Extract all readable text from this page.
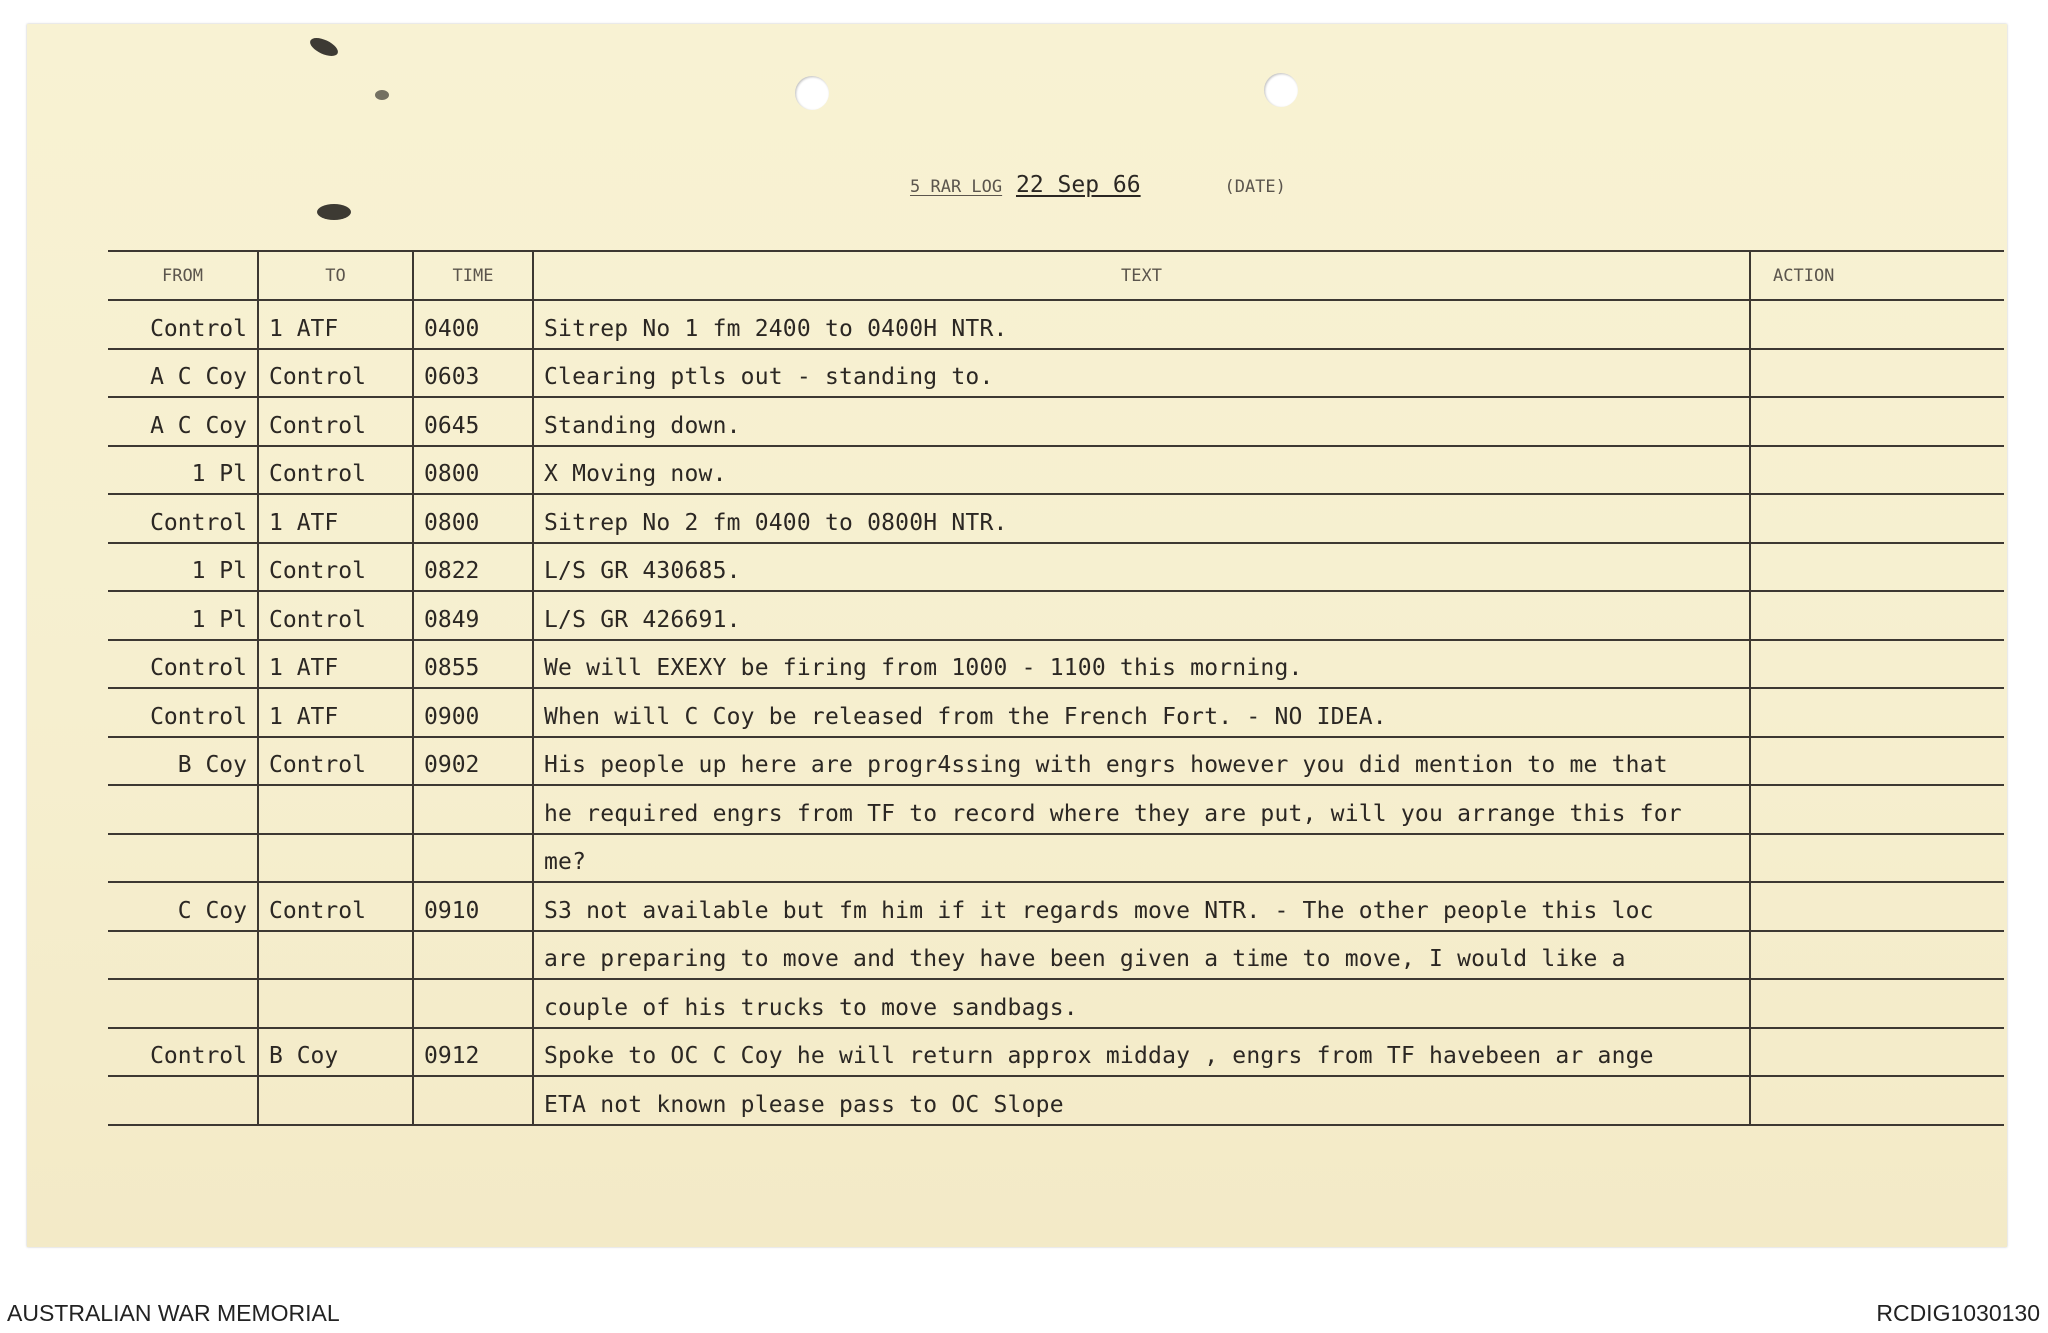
5 RAR LOG 22 Sep 66	(DATE)
FROM	TO	TIME	TEXT	ACTION
Control	1 ATF	0400	Sitrep No 1 fm 2400 to 0400H NTR.	
A C Coy	Control	0603	Clearing ptls out - standing to.	
A C Coy	Control	0645	Standing down.	
1 Pl	Control	0800	X Moving now.	
Control	1 ATF	0800	Sitrep No 2 fm 0400 to 0800H NTR.	
1 Pl	Control	0822	L/S GR 430685.	
1 Pl	Control	0849	L/S GR 426691.	
Control	1 ATF	0855	We will EXEXY be firing from 1000 - 1100 this morning.	
Control	1 ATF	0900	When will C Coy be released from the French Fort. - NO IDEA.	
B Coy	Control	0902	His people up here are progr4ssing with engrs however you did mention to me that	
			he required engrs from TF to record where they are put, will you arrange this for	
			me?	
C Coy	Control	0910	S3 not available but fm him if it regards move NTR. - The other people this loc	
			are preparing to move and they have been given a time to move, I would like a	
			couple of his trucks to move sandbags.	
Control	B Coy	0912	Spoke to OC C Coy he will return approx midday , engrs from TF havebeen ar ange	
			ETA not known please pass to OC Slope	
AUSTRALIAN WAR MEMORIAL	RCDIG1030130
